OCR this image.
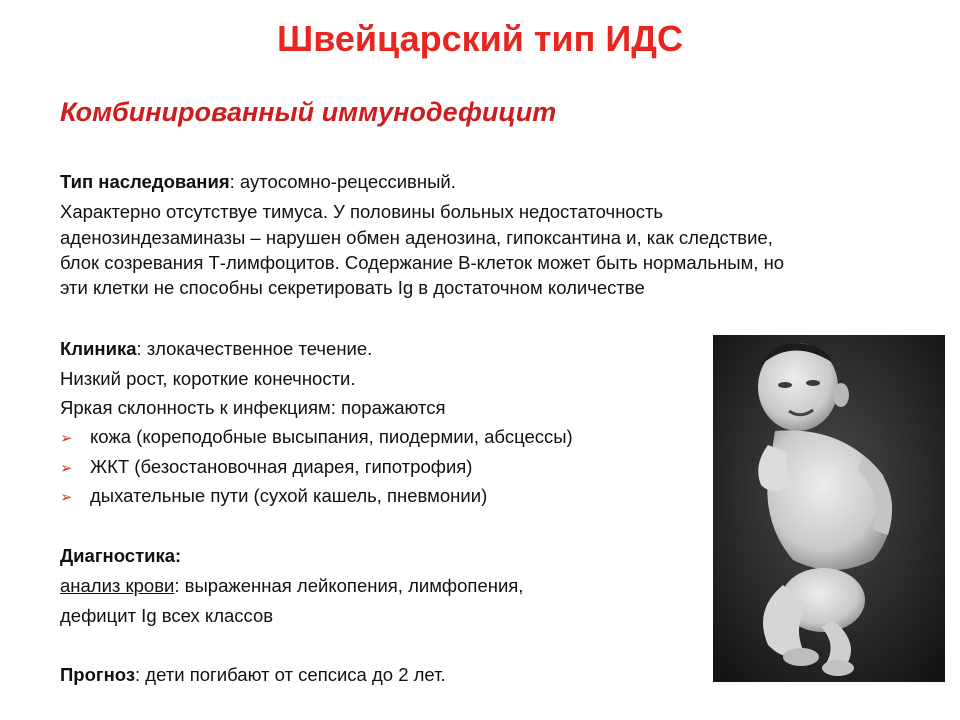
Швейцарский тип ИДС
Комбинированный иммунодефицит
Тип наследования: аутосомно-рецессивный.
Характерно отсутствуе тимуса. У половины больных недостаточность
аденозиндезаминазы – нарушен обмен аденозина, гипоксантина и, как следствие,
блок созревания Т-лимфоцитов. Содержание В-клеток может быть нормальным, но
эти клетки не способны секретировать Ig в достаточном количестве
Клиника: злокачественное течение.
Низкий рост, короткие конечности.
Яркая склонность к инфекциям: поражаются
➢ кожа (кореподобные высыпания, пиодермии, абсцессы)
➢ ЖКТ (безостановочная диарея, гипотрофия)
➢ дыхательные пути (сухой кашель, пневмонии)
Диагностика:
анализ крови: выраженная лейкопения, лимфопения,
дефицит Ig всех классов
Прогноз: дети погибают от сепсиса до 2 лет.
